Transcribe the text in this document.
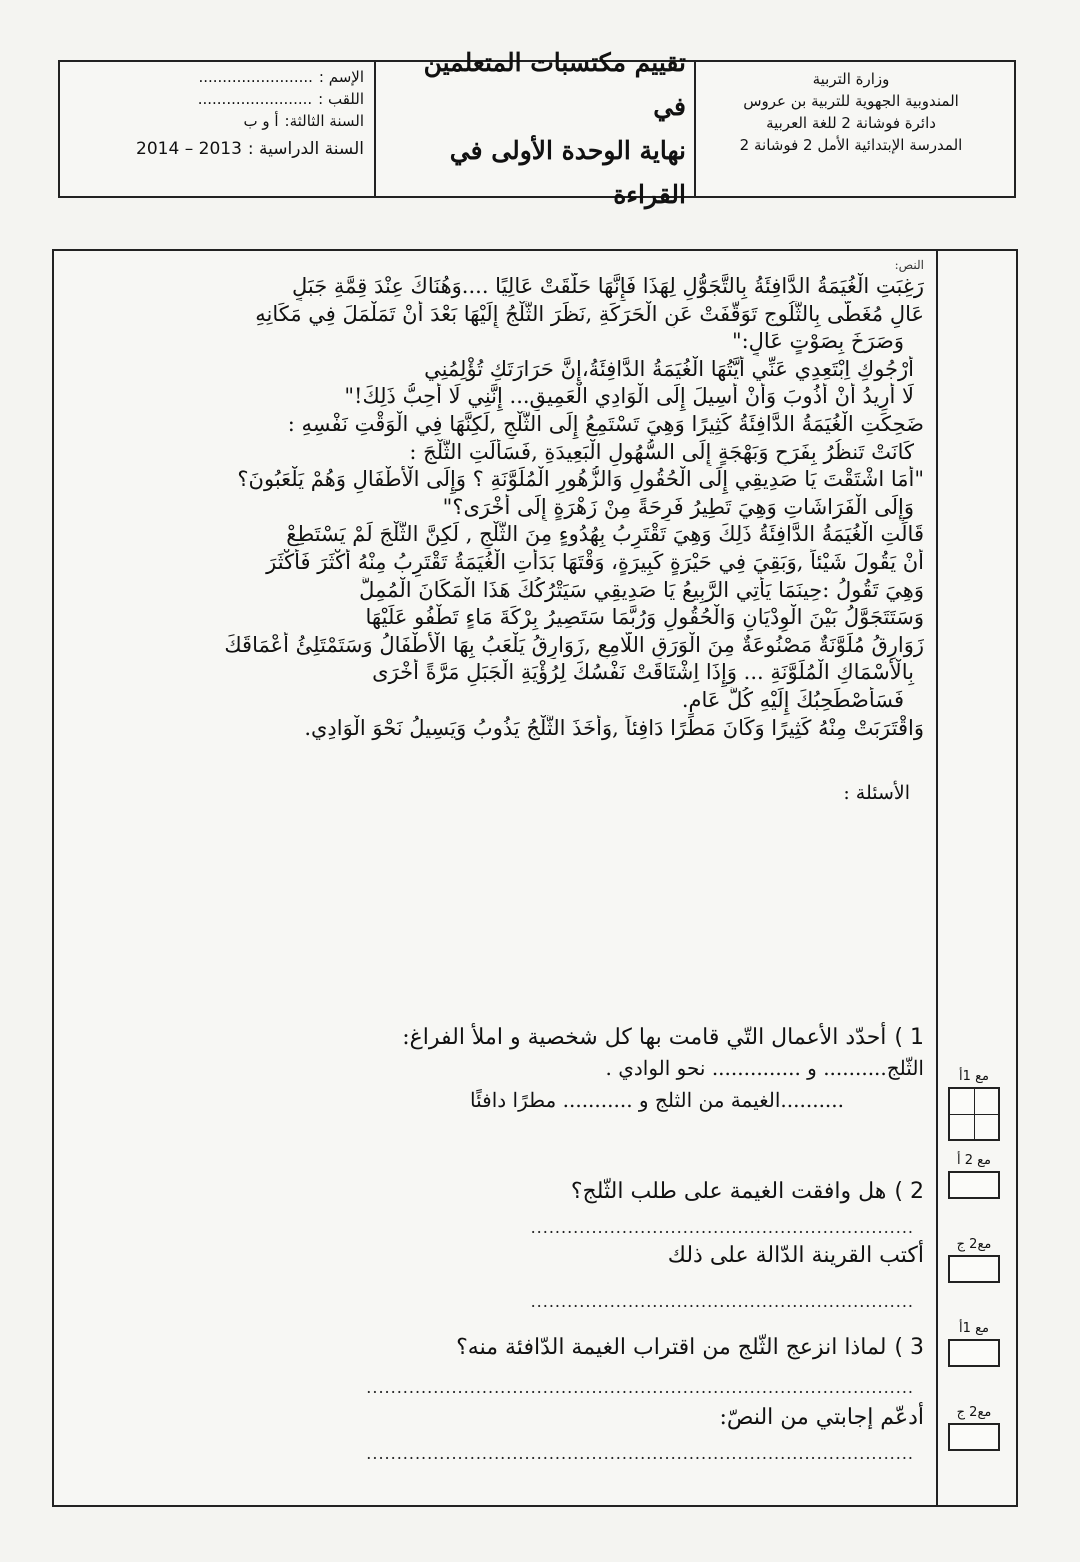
وزارة التربية
المندوبية الجهوية للتربية بن عروس
دائرة فوشانة 2 للغة العربية
المدرسة الإبتدائية الأمل 2 فوشانة 2
تقييم مكتسبات المتعلمين في
نهاية الوحدة الأولى في القراءة
الإسم :
........................
اللقب :
........................
السنة الثالثة:
أ و ب
السنة الدراسية :
2013 – 2014
النص:
رَغِبَتِ الْغُيَمَةُ الدَّافِئَةُ بِالتَّجَوُّلِ لِهَذَا فَإِنَّهَا حَلَّقَتْ عَالِيًا ....وَهُنَاكَ عِنْدَ قِمَّةِ جَبَلٍ
عَالٍ مُغَطَّى بِالثُّلُوجِ تَوَقَّفَتْ عَنِ الْحَرَكَةِ ,نَظَرَ الثَّلْجُ إِلَيْهَا بَعْدَ أَنْ تَمَلْمَلَ فِي مَكَانِهِ
وَصَرَخَ بِصَوْتٍ عَالٍ:"
أَرْجُوكِ اِبْتَعِدِي عَنِّي أَيَّتُهَا الْغُيَمَةُ الدَّافِئَةُ،إِنَّ حَرَارَتَكِ تُؤْلِمُنِي
لَا أُرِيدُ أَنْ أَذُوبَ وَأَنْ أَسِيلَ إِلَى الْوَادِي الْعَمِيقِ... إِنَّنِي لَا أُحِبُّ ذَلِكَ!"
ضَحِكَتِ الْغُيَمَةُ الدَّافِئَةُ كَثِيرًا وَهِيَ تَسْتَمِعُ إِلَى الثَّلْجِ ,لَكِنَّهَا فِي الْوَقْتِ نَفْسِهِ :
كَانَتْ تَنظُرُ بِفَرَحٍ وَبَهْجَةٍ إِلَى السُّهُولِ الْبَعِيدَةِ ,فَسَأَلَتِ الثَّلْجَ :
"أَمَا اشْتَقْتَ يَا صَدِيقِي إِلَى الْحُقُولِ وَالزُّهُورِ الْمُلَوَّنَةِ ؟ وَإِلَى الْأَطْفَالِ وَهُمْ يَلْعَبُونَ؟
وَإِلَى الْفَرَاشَاتِ وَهِيَ تَطِيرُ فَرِحَةً مِنْ زَهْرَةٍ إِلَى أُخْرَى؟"
قَالَتِ الْغُيَمَةُ الدَّافِئَةُ ذَلِكَ وَهِيَ تَقْتَرِبُ بِهُدُوءٍ مِنَ الثَّلْجِ , لَكِنَّ الثَّلْجَ لَمْ يَسْتَطِعْ
أَنْ يَقُولَ شَيْئاً ,وَبَقِيَ فِي حَيْرَةٍ كَبِيرَةٍ، وَقْتَهَا بَدَأَتِ الْغُيَمَةُ تَقْتَرِبُ مِنْهُ أَكْثَرَ فَأَكْثَرَ
وَهِيَ تَقُولُ :حِينَمَا يَأْتِي الرَّبِيعُ يَا صَدِيقِي سَيَتْرُكُكَ هَذَا الْمَكَانَ الْمُمِلَّ
وَسَتَتَجَوَّلُ بَيْنَ الْوِدْيَانِ وَالْحُقُولِ وَرُبَّمَا سَتَصِيرُ بِرْكَةَ مَاءٍ تَطْفُو عَلَيْهَا
زَوَارِقُ مُلَوَّنَةٌ مَصْنُوعَةٌ مِنَ الْوَرَقِ اللَّامِعِ ,زَوَارِقُ يَلْعَبُ بِهَا الْأَطْفَالُ وَسَتَمْتَلِئُ أَعْمَاقَكَ
بِالْأَسْمَاكِ الْمُلَوَّنَةِ ... وَإِذَا اِشْتَاقَتْ نَفْسُكَ لِرُؤْيَةِ الْجَبَلِ مَرَّةً أُخْرَى
فَسَأَصْطَحِبُكَ إِلَيْهِ كُلَّ عَامٍ.
وَاقْتَرَبَتْ مِنْهُ كَثِيرًا وَكَانَ مَطَرًا دَافِئاً ,وَأَخَذَ الثَّلْجُ يَذُوبُ وَيَسِيلُ نَحْوَ الْوَادِي.
الأسئلة :
1 )أحدّد الأعمال التّي قامت بها كل شخصية و املأ الفراغ:
الثّلج.......... و .............. نحو الوادي .
..........الغيمة من الثلج و ........... مطرًا دافئًا
2 )هل وافقت الغيمة على طلب الثّلج؟
...............................................................
أكتب القرينة الدّالة على ذلك
...............................................................
3 )لماذا انزعج الثّلج من اقتراب الغيمة الدّافئة منه؟
..........................................................................................
أدعّم إجابتي من النصّ:
..........................................................................................
مع 1أ
مع 2 أ
مع2 ج
مع 1أ
مع2 ج
